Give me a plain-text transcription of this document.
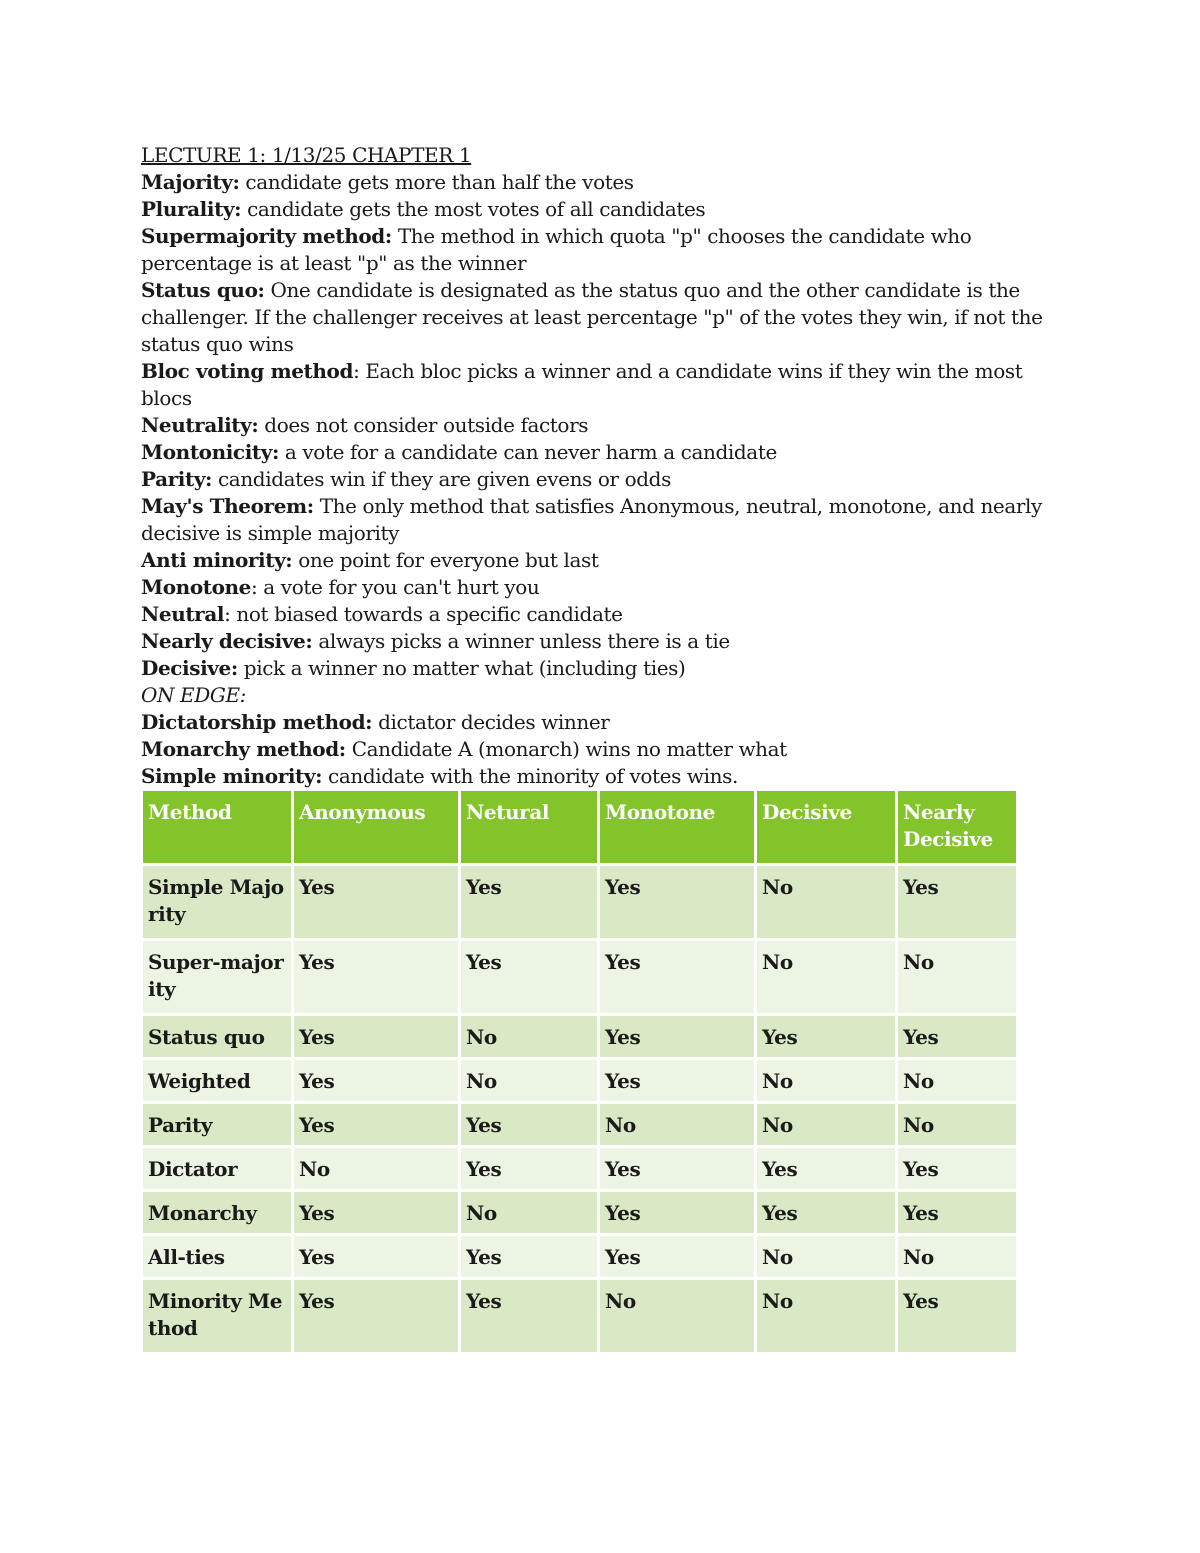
LECTURE 1: 1/13/25 CHAPTER 1

Majority: candidate gets more than half the votes
Plurality: candidate gets the most votes of all candidates
Supermajority method: The method in which quota "p" chooses the candidate who percentage is at least "p" as the winner
Status quo: One candidate is designated as the status quo and the other candidate is the challenger. If the challenger receives at least percentage "p" of the votes they win, if not the status quo wins
Bloc voting method: Each bloc picks a winner and a candidate wins if they win the most blocs
Neutrality: does not consider outside factors
Montonicity: a vote for a candidate can never harm a candidate
Parity: candidates win if they are given evens or odds
May's Theorem: The only method that satisfies Anonymous, neutral, monotone, and nearly decisive is simple majority
Anti minority: one point for everyone but last
Monotone: a vote for you can't hurt you
Neutral: not biased towards a specific candidate
Nearly decisive: always picks a winner unless there is a tie
Decisive: pick a winner no matter what (including ties)
ON EDGE:
Dictatorship method: dictator decides winner
Monarchy method: Candidate A (monarch) wins no matter what
Simple minority: candidate with the minority of votes wins.
Method	Anonymous	Netural	Monotone	Decisive	Nearly Decisive
Simple Majority	Yes	Yes	Yes	No	Yes
Super-majority	Yes	Yes	Yes	No	No
Status quo	Yes	No	Yes	Yes	Yes
Weighted	Yes	No	Yes	No	No
Parity	Yes	Yes	No	No	No
Dictator	No	Yes	Yes	Yes	Yes
Monarchy	Yes	No	Yes	Yes	Yes
All-ties	Yes	Yes	Yes	No	No
Minority Method	Yes	Yes	No	No	Yes
